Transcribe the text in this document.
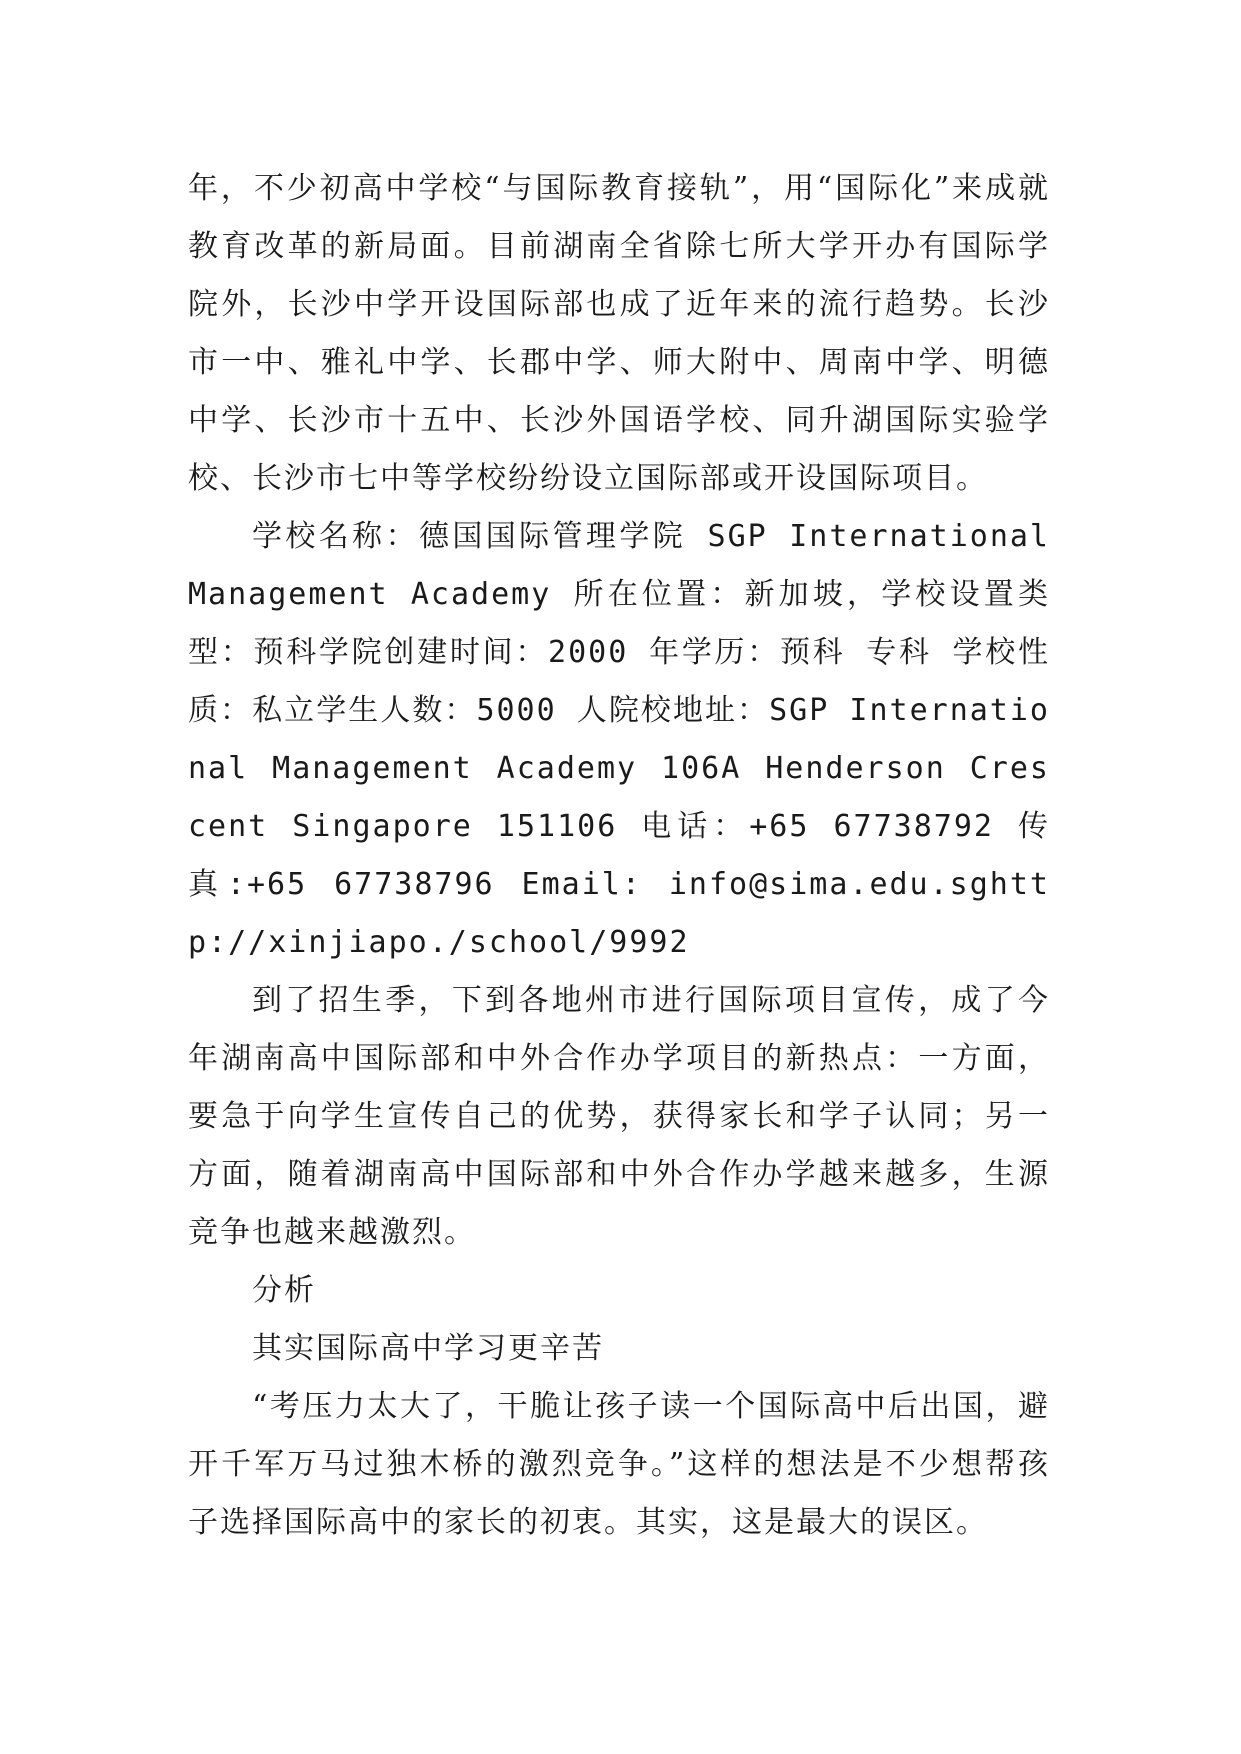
年，不少初高中学校“与国际教育接轨”，用“国际化”来成就教育改革的新局面。目前湖南全省除七所大学开办有国际学院外，长沙中学开设国际部也成了近年来的流行趋势。长沙市一中、雅礼中学、长郡中学、师大附中、周南中学、明德中学、长沙市十五中、长沙外国语学校、同升湖国际实验学校、长沙市七中等学校纷纷设立国际部或开设国际项目。

学校名称：德国国际管理学院 SGP International Management Academy 所在位置：新加坡，学校设置类型：预科学院创建时间：2000 年学历：预科 专科 学校性质：私立学生人数：5000 人院校地址：SGP International Management Academy 106A Henderson Crescent Singapore 151106 电话：+65 67738792 传真:+65 67738796 Email: info@sima.edu.sghttp://xinjiapo./school/9992

到了招生季，下到各地州市进行国际项目宣传，成了今年湖南高中国际部和中外合作办学项目的新热点：一方面，要急于向学生宣传自己的优势，获得家长和学子认同；另一方面，随着湖南高中国际部和中外合作办学越来越多，生源竞争也越来越激烈。

分析

其实国际高中学习更辛苦

“考压力太大了，干脆让孩子读一个国际高中后出国，避开千军万马过独木桥的激烈竞争。”这样的想法是不少想帮孩子选择国际高中的家长的初衷。其实，这是最大的误区。
